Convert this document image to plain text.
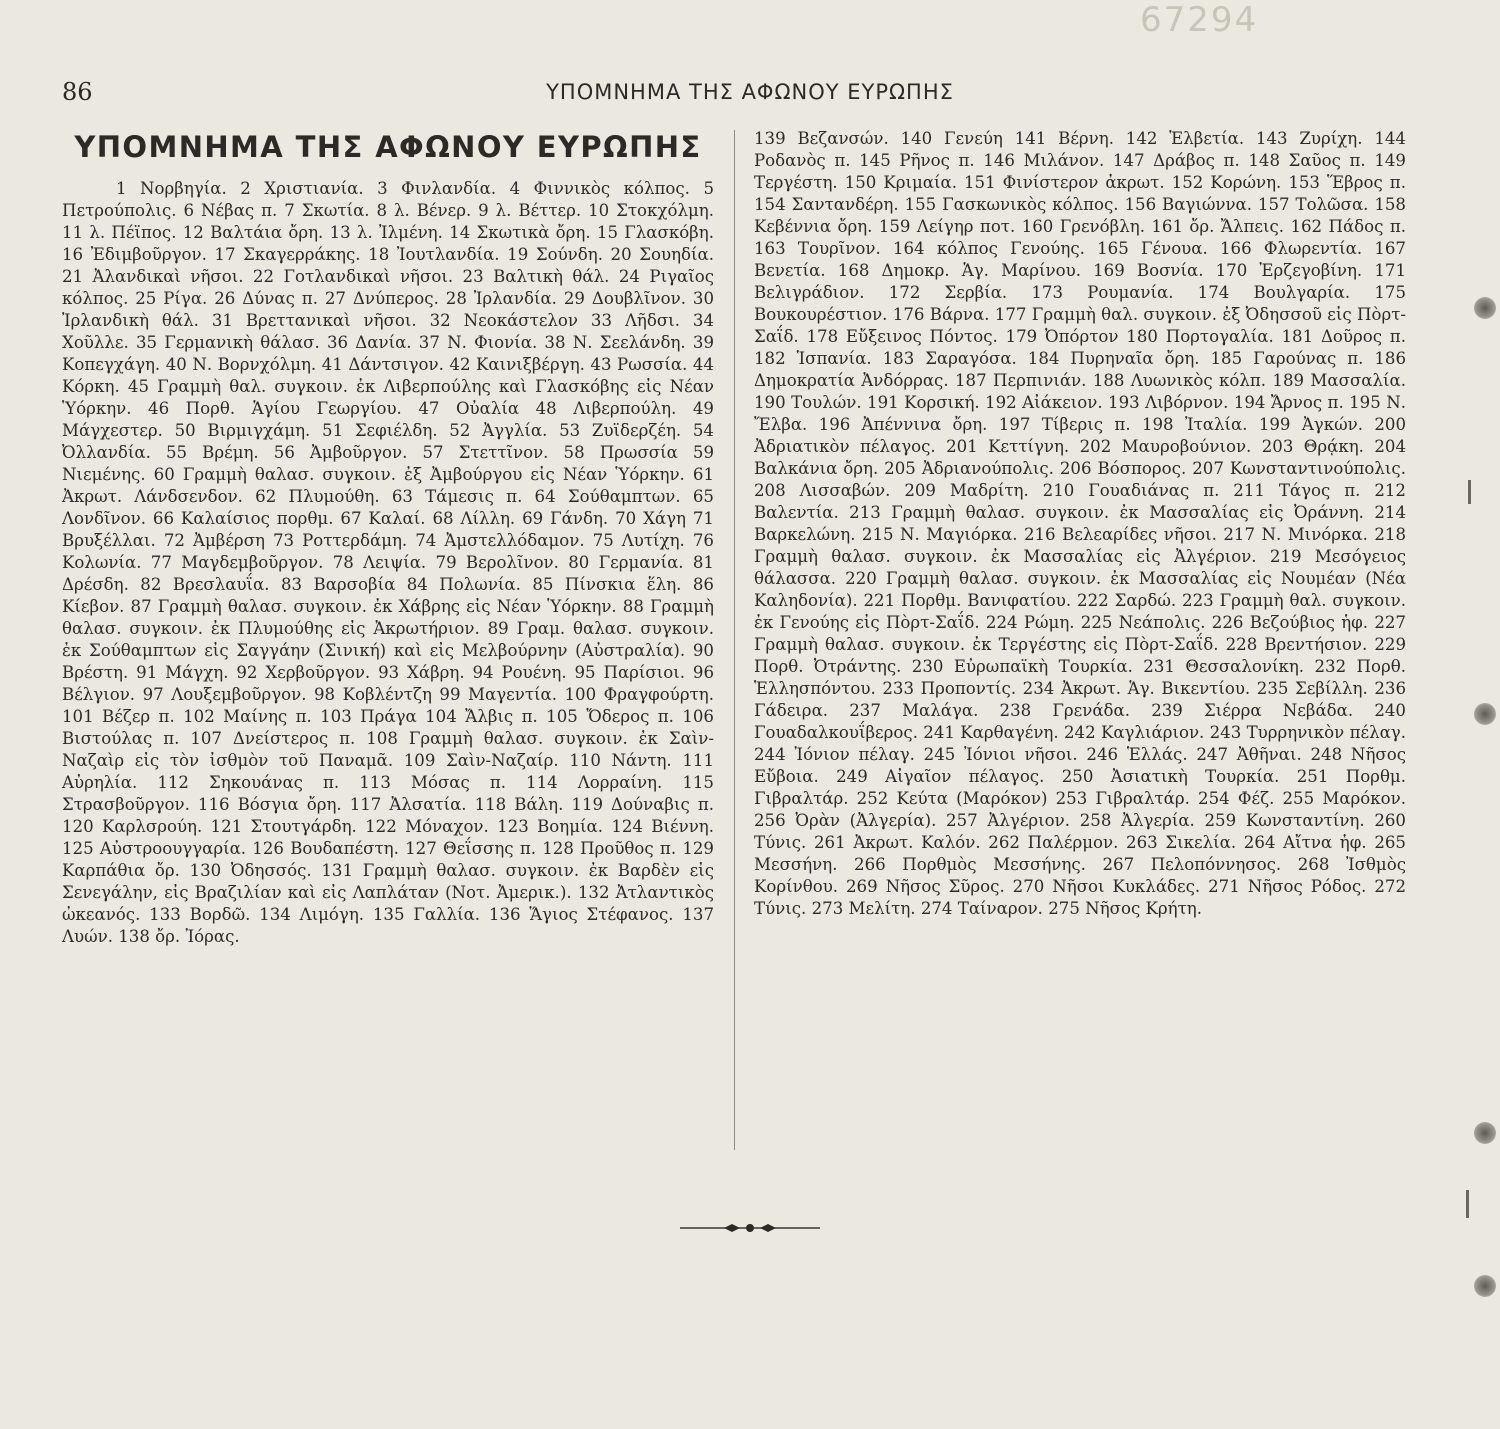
86	ΥΠΟΜΝΗΜΑ ΤΗΣ ΑΦΩΝΟΥ ΕΥΡΩΠΗΣ
67294
ΥΠΟΜΝΗΜΑ ΤΗΣ ΑΦΩΝΟΥ ΕΥΡΩΠΗΣ

1 Νορβηγία. 2 Χριστιανία. 3 Φινλανδία. 4 Φιννικὸς κόλπος. 5 Πετρούπολις. 6 Νέβας π. 7 Σκωτία. 8 λ. Βένερ. 9 λ. Βέττερ. 10 Στοκχόλμη. 11 λ. Πέϊπος. 12 Βαλτάια ὄρη. 13 λ. Ἰλμένη. 14 Σκωτικὰ ὄρη. 15 Γλασκόβη. 16 Ἐδιμβοῦργον. 17 Σκαγερράκης. 18 Ἰουτλανδία. 19 Σούνδη. 20 Σουηδία. 21 Ἀλανδικαὶ νῆσοι. 22 Γοτλανδικαὶ νῆσοι. 23 Βαλτικὴ θάλ. 24 Ριγαῖος κόλπος. 25 Ρίγα. 26 Δύνας π. 27 Δνύπερος. 28 Ἰρλανδία. 29 Δουβλῖνον. 30 Ἰρλανδικὴ θάλ. 31 Βρεττανικαὶ νῆσοι. 32 Νεοκάστελον 33 Λῆδσι. 34 Χοῦλλε. 35 Γερμανικὴ θάλασ. 36 Δανία. 37 Ν. Φιονία. 38 Ν. Σεελάνδη. 39 Κοπεγχάγη. 40 Ν. Βορνχόλμη. 41 Δάντσιγον. 42 Καινιξβέργη. 43 Ρωσσία. 44 Κόρκη. 45 Γραμμὴ θαλ. συγκοιν. ἐκ Λιβερπούλης καὶ Γλασκόβης εἰς Νέαν Ὑόρκην. 46 Πορθ. Ἁγίου Γεωργίου. 47 Οὐαλία 48 Λιβερπούλη. 49 Μάγχεστερ. 50 Βιρμιγχάμη. 51 Σεφιέλδη. 52 Ἀγγλία. 53 Ζυϊδερζέη. 54 Ὀλλανδία. 55 Βρέμη. 56 Ἀμβοῦργον. 57 Στεττῖνον. 58 Πρωσσία 59 Νιεμένης. 60 Γραμμὴ θαλασ. συγκοιν. ἐξ Ἀμβούργου εἰς Νέαν Ὑόρκην. 61 Ἀκρωτ. Λάνδσενδον. 62 Πλυμούθη. 63 Τάμεσις π. 64 Σούθαμπτων. 65 Λονδῖνον. 66 Καλαίσιος πορθμ. 67 Καλαί. 68 Λίλλη. 69 Γάνδη. 70 Χάγη 71 Βρυξέλλαι. 72 Ἀμβέρση 73 Ροττερδάμη. 74 Ἀμστελλόδαμον. 75 Λυτίχη. 76 Κολωνία. 77 Μαγδεμβοῦργον. 78 Λειψία. 79 Βερολῖνον. 80 Γερμανία. 81 Δρέσδη. 82 Βρεσλαυΐα. 83 Βαρσοβία 84 Πολωνία. 85 Πίνσκια ἕλη. 86 Κίεβον. 87 Γραμμὴ θαλασ. συγκοιν. ἐκ Χάβρης εἰς Νέαν Ὑόρκην. 88 Γραμμὴ θαλασ. συγκοιν. ἐκ Πλυμούθης εἰς Ἀκρωτήριον. 89 Γραμ. θαλασ. συγκοιν. ἐκ Σούθαμπτων εἰς Σαγγάην (Σινική) καὶ εἰς Μελβούρνην (Αὐστραλία). 90 Βρέστη. 91 Μάγχη. 92 Χερβοῦργον. 93 Χάβρη. 94 Ρουένη. 95 Παρίσιοι. 96 Βέλγιον. 97 Λουξεμβοῦργον. 98 Κοβλέντζη 99 Μαγεντία. 100 Φραγφούρτη. 101 Βέζερ π. 102 Μαίνης π. 103 Πράγα 104 Ἄλβις π. 105 Ὄδερος π. 106 Βιστούλας π. 107 Δνείστερος π. 108 Γραμμὴ θαλασ. συγκοιν. ἐκ Σαὶν-Ναζαὶρ εἰς τὸν ἰσθμὸν τοῦ Παναμᾶ. 109 Σαὶν-Ναζαίρ. 110 Νάντη. 111 Αὐρηλία. 112 Σηκουάνας π. 113 Μόσας π. 114 Λορραίνη. 115 Στρασβοῦργον. 116 Βόσγια ὄρη. 117 Ἀλσατία. 118 Βάλη. 119 Δούναβις π. 120 Καρλσρούη. 121 Στουτγάρδη. 122 Μόναχον. 123 Βοημία. 124 Βιέννη. 125 Αὐστροουγγαρία. 126 Βουδαπέστη. 127 Θεΐσσης π. 128 Προῦθος π. 129 Καρπάθια ὄρ. 130 Ὀδησσός. 131 Γραμμὴ θαλασ. συγκοιν. ἐκ Βαρδὲν εἰς Σενεγάλην, εἰς Βραζιλίαν καὶ εἰς Λαπλάταν (Νοτ. Ἀμερικ.). 132 Ἀτλαντικὸς ὠκεανός. 133 Βορδῶ. 134 Λιμόγη. 135 Γαλλία. 136 Ἅγιος Στέφανος. 137 Λυών. 138 ὄρ. Ἰόρας.

139 Βεζανσών. 140 Γενεύη 141 Βέρνη. 142 Ἑλβετία. 143 Ζυρίχη. 144 Ροδανὸς π. 145 Ρῆνος π. 146 Μιλάνον. 147 Δράβος π. 148 Σαῦος π. 149 Τεργέστη. 150 Κριμαία. 151 Φινίστερον ἀκρωτ. 152 Κορώνη. 153 Ἕβρος π. 154 Σαντανδέρη. 155 Γασκωνικὸς κόλπος. 156 Βαγιώννα. 157 Τολῶσα. 158 Κεβέννια ὄρη. 159 Λείγηρ ποτ. 160 Γρενόβλη. 161 ὄρ. Ἄλπεις. 162 Πάδος π. 163 Τουρῖνον. 164 κόλπος Γενούης. 165 Γένουα. 166 Φλωρεντία. 167 Βενετία. 168 Δημοκρ. Ἁγ. Μαρίνου. 169 Βοσνία. 170 Ἐρζεγοβίνη. 171 Βελιγράδιον. 172 Σερβία. 173 Ρουμανία. 174 Βουλγαρία. 175 Βουκουρέστιον. 176 Βάρνα. 177 Γραμμὴ θαλ. συγκοιν. ἐξ Ὀδησσοῦ εἰς Πὸρτ-Σαΐδ. 178 Εὔξεινος Πόντος. 179 Ὀπόρτον 180 Πορτογαλία. 181 Δοῦρος π. 182 Ἱσπανία. 183 Σαραγόσα. 184 Πυρηναῖα ὄρη. 185 Γαρούνας π. 186 Δημοκρατία Ἀνδόρρας. 187 Περπινιάν. 188 Λυωνικὸς κόλπ. 189 Μασσαλία. 190 Τουλών. 191 Κορσική. 192 Αἰάκειον. 193 Λιβόρνον. 194 Ἄρνος π. 195 Ν. Ἔλβα. 196 Ἀπέννινα ὄρη. 197 Τίβερις π. 198 Ἰταλία. 199 Ἀγκών. 200 Ἀδριατικὸν πέλαγος. 201 Κεττίγνη. 202 Μαυροβούνιον. 203 Θρᾴκη. 204 Βαλκάνια ὄρη. 205 Ἀδριανούπολις. 206 Βόσπορος. 207 Κωνσταντινούπολις. 208 Λισσαβών. 209 Μαδρίτη. 210 Γουαδιάνας π. 211 Τάγος π. 212 Βαλεντία. 213 Γραμμὴ θαλασ. συγκοιν. ἐκ Μασσαλίας εἰς Ὀράννη. 214 Βαρκελώνη. 215 Ν. Μαγιόρκα. 216 Βελεαρίδες νῆσοι. 217 Ν. Μινόρκα. 218 Γραμμὴ θαλασ. συγκοιν. ἐκ Μασσαλίας εἰς Ἀλγέριον. 219 Μεσόγειος θάλασσα. 220 Γραμμὴ θαλασ. συγκοιν. ἐκ Μασσαλίας εἰς Νουμέαν (Νέα Καληδονία). 221 Πορθμ. Βανιφατίου. 222 Σαρδώ. 223 Γραμμὴ θαλ. συγκοιν. ἐκ Γενούης εἰς Πὸρτ-Σαΐδ. 224 Ρώμη. 225 Νεάπολις. 226 Βεζούβιος ἡφ. 227 Γραμμὴ θαλασ. συγκοιν. ἐκ Τεργέστης εἰς Πὸρτ-Σαΐδ. 228 Βρεντήσιον. 229 Πορθ. Ὀτράντης. 230 Εὐρωπαϊκὴ Τουρκία. 231 Θεσσαλονίκη. 232 Πορθ. Ἑλλησπόντου. 233 Προποντίς. 234 Ἀκρωτ. Ἁγ. Βικεντίου. 235 Σεβίλλη. 236 Γάδειρα. 237 Μαλάγα. 238 Γρενάδα. 239 Σιέρρα Νεβάδα. 240 Γουαδαλκουΐβερος. 241 Καρθαγένη. 242 Καγλιάριον. 243 Τυρρηνικὸν πέλαγ. 244 Ἰόνιον πέλαγ. 245 Ἰόνιοι νῆσοι. 246 Ἑλλάς. 247 Ἀθῆναι. 248 Νῆσος Εὔβοια. 249 Αἰγαῖον πέλαγος. 250 Ἀσιατικὴ Τουρκία. 251 Πορθμ. Γιβραλτάρ. 252 Κεύτα (Μαρόκον) 253 Γιβραλτάρ. 254 Φέζ. 255 Μαρόκον. 256 Ὀρὰν (Ἀλγερία). 257 Ἀλγέριον. 258 Ἀλγερία. 259 Κωνσταντίνη. 260 Τύνις. 261 Ἀκρωτ. Καλόν. 262 Παλέρμον. 263 Σικελία. 264 Αἴτνα ἡφ. 265 Μεσσήνη. 266 Πορθμὸς Μεσσήνης. 267 Πελοπόννησος. 268 Ἰσθμὸς Κορίνθου. 269 Νῆσος Σῦρος. 270 Νῆσοι Κυκλάδες. 271 Νῆσος Ρόδος. 272 Τύνις. 273 Μελίτη. 274 Ταίναρον. 275 Νῆσος Κρήτη.
